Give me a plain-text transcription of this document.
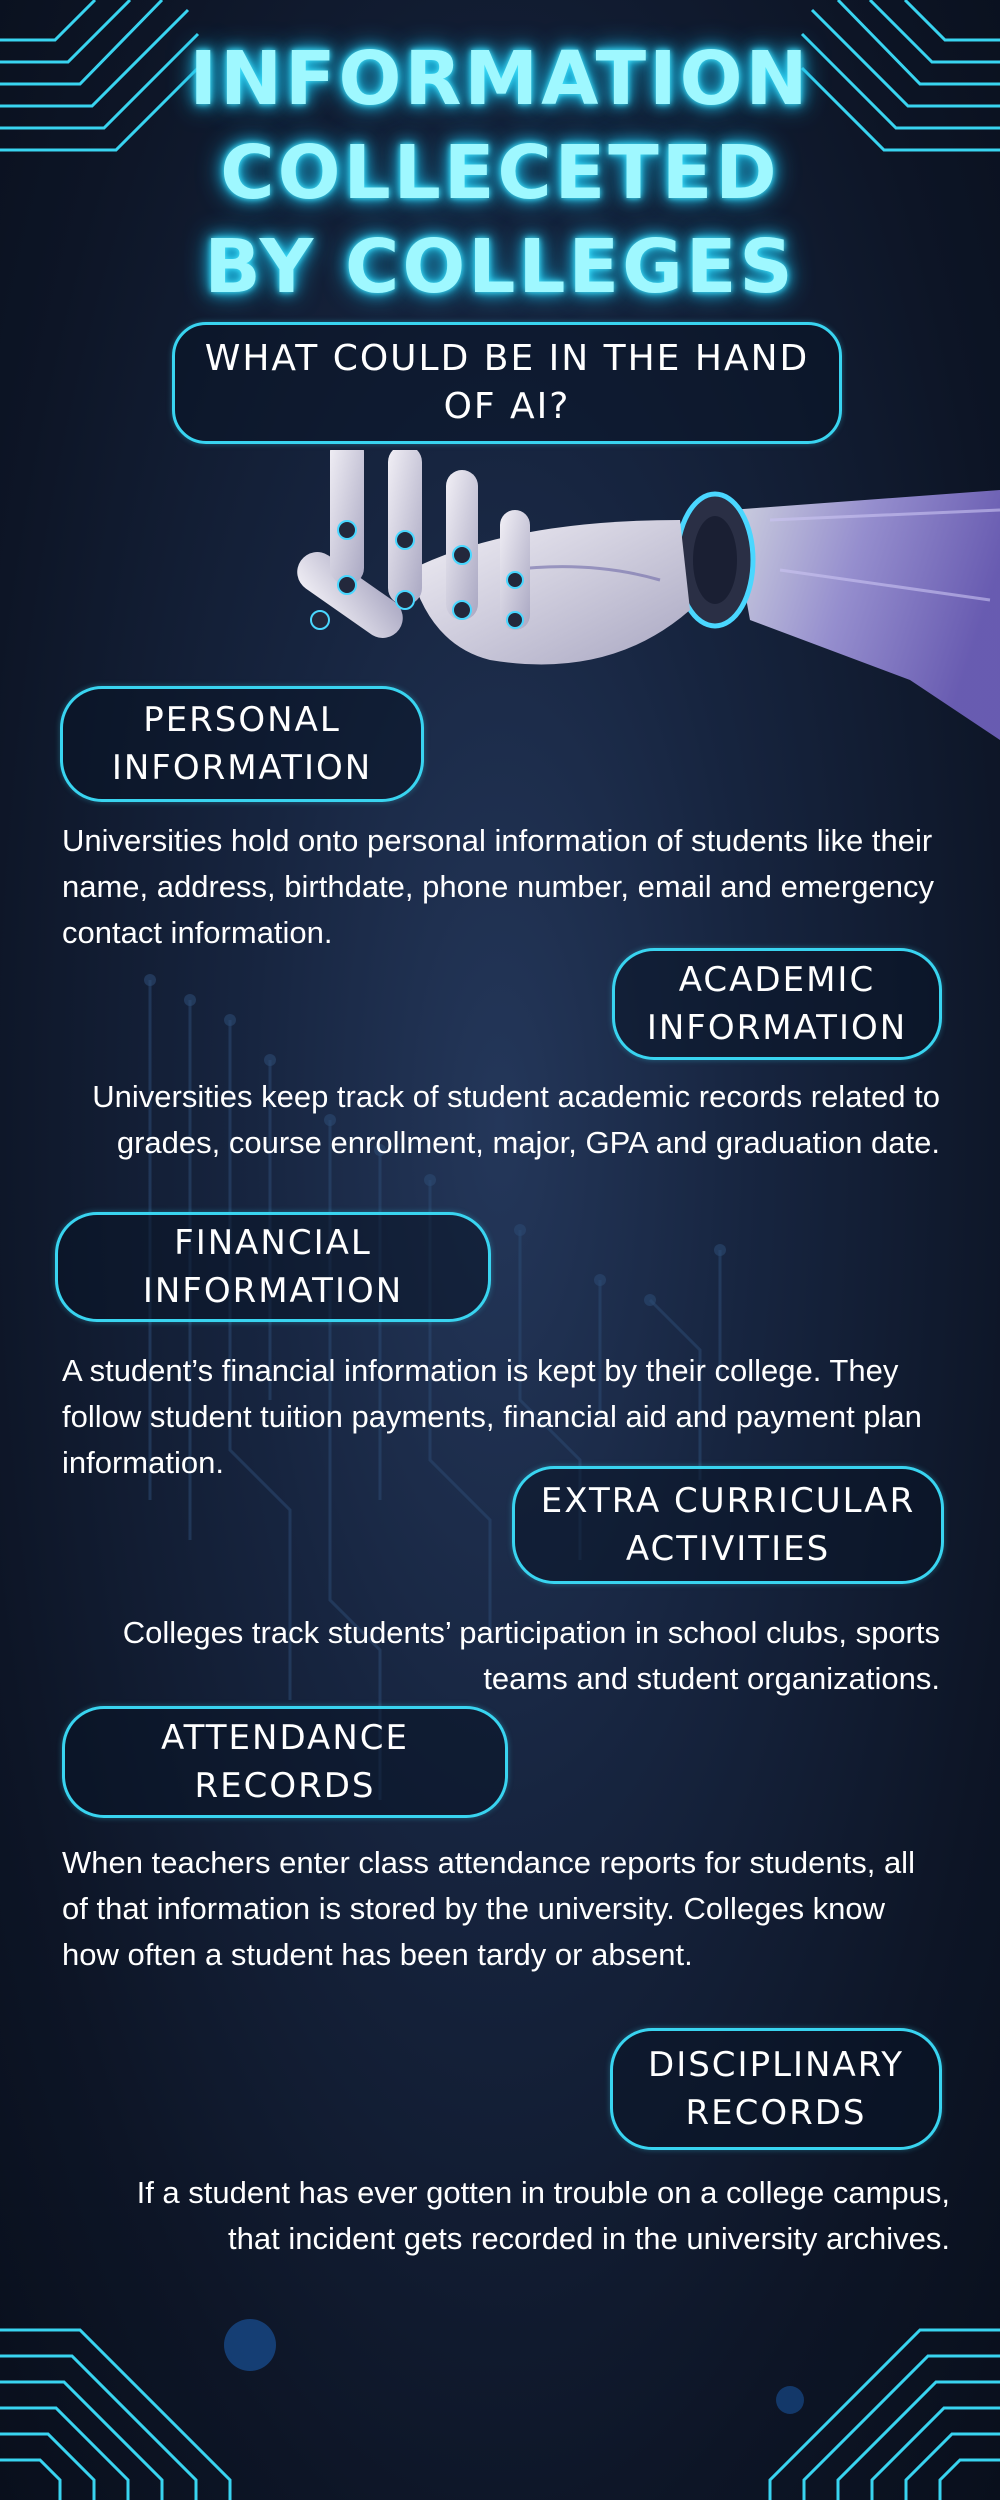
INFORMATION
COLLECETED
BY COLLEGES
WHAT COULD BE IN THE HAND
OF AI?
PERSONAL
INFORMATION

Universities hold onto personal information of students like their name, address, birthdate, phone number, email and emergency contact information.

ACADEMIC
INFORMATION

Universities keep track of student academic records related to grades, course enrollment, major, GPA and graduation date.

FINANCIAL
INFORMATION

A student’s financial information is kept by their college. They follow student tuition payments, financial aid and payment plan information.

EXTRA CURRICULAR
ACTIVITIES

Colleges track students’ participation in school clubs, sports teams and student organizations.

ATTENDANCE
RECORDS

When teachers enter class attendance reports for students, all of that information is stored by the university. Colleges know how often a student has been tardy or absent.

DISCIPLINARY
RECORDS

If a student has ever gotten in trouble on a college campus, that incident gets recorded in the university archives.
